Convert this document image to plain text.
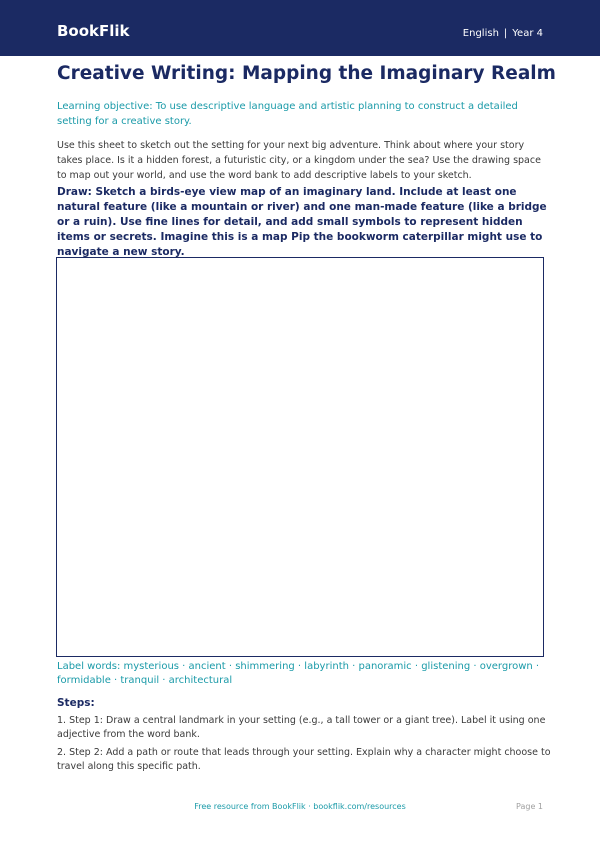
BookFlik	English | Year 4
Creative Writing: Mapping the Imaginary Realm

Learning objective: To use descriptive language and artistic planning to construct a detailed setting for a creative story.

Use this sheet to sketch out the setting for your next big adventure. Think about where your story takes place. Is it a hidden forest, a futuristic city, or a kingdom under the sea? Use the drawing space to map out your world, and use the word bank to add descriptive labels to your sketch.

Draw: Sketch a birds-eye view map of an imaginary land. Include at least one natural feature (like a mountain or river) and one man-made feature (like a bridge or a ruin). Use fine lines for detail, and add small symbols to represent hidden items or secrets. Imagine this is a map Pip the bookworm caterpillar might use to navigate a new story.

Label words: mysterious · ancient · shimmering · labyrinth · panoramic · glistening · overgrown · formidable · tranquil · architectural

Steps:

1. Step 1: Draw a central landmark in your setting (e.g., a tall tower or a giant tree). Label it using one adjective from the word bank.

2. Step 2: Add a path or route that leads through your setting. Explain why a character might choose to travel along this specific path.

Free resource from BookFlik · bookflik.com/resources	Page 1
